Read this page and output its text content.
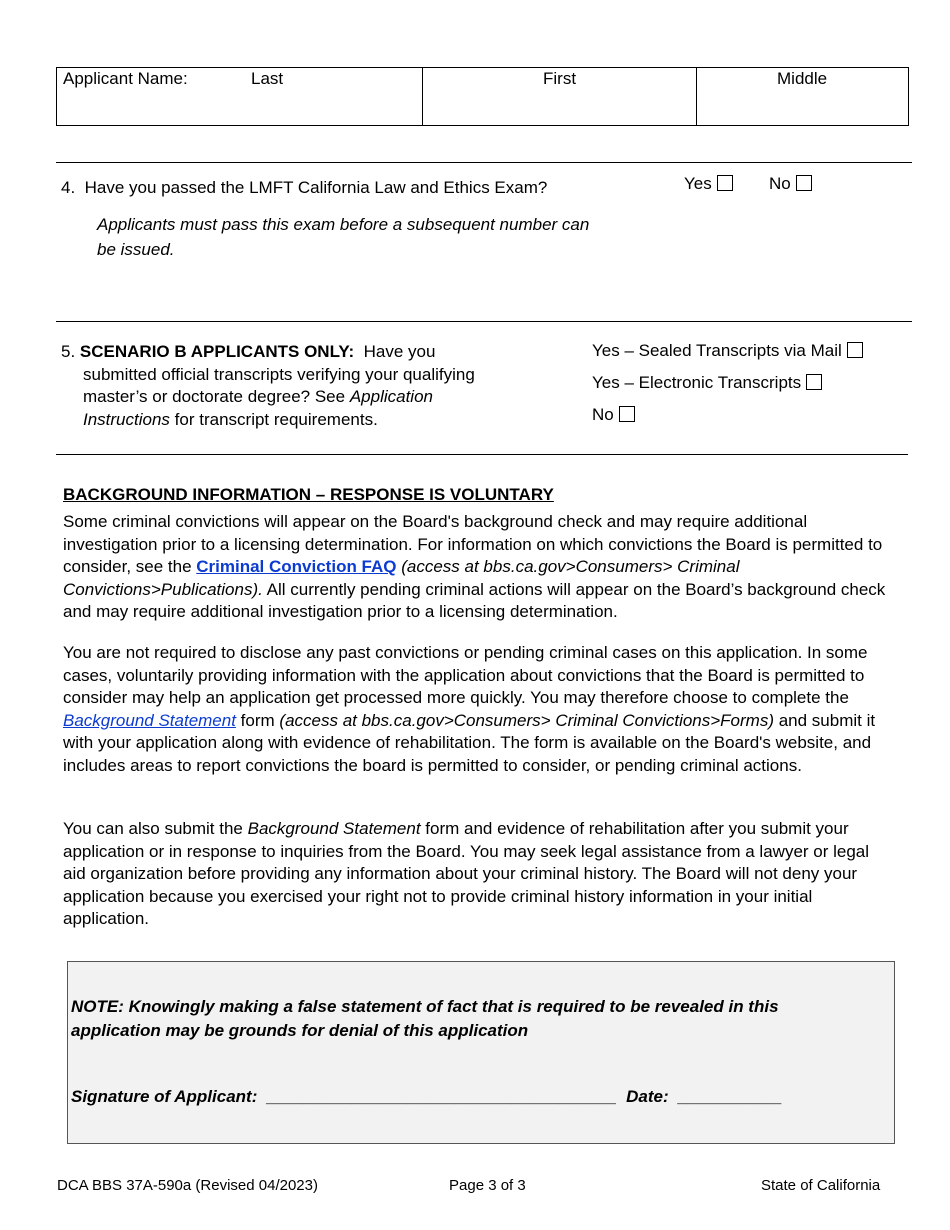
Applicant Name:	Last	First	Middle
4. Have you passed the LMFT California Law and Ethics Exam?
Applicants must pass this exam before a subsequent number can
be issued.
Yes	No
5. SCENARIO B APPLICANTS ONLY: Have you
submitted official transcripts verifying your qualifying
master’s or doctorate degree? See Application
Instructions for transcript requirements.
Yes – Sealed Transcripts via Mail
Yes – Electronic Transcripts
No
BACKGROUND INFORMATION – RESPONSE IS VOLUNTARY
Some criminal convictions will appear on the Board's background check and may require additional investigation prior to a licensing determination. For information on which convictions the Board is permitted to consider, see the Criminal Conviction FAQ (access at bbs.ca.gov>Consumers> Criminal Convictions>Publications). All currently pending criminal actions will appear on the Board’s background check and may require additional investigation prior to a licensing determination.
You are not required to disclose any past convictions or pending criminal cases on this application. In some cases, voluntarily providing information with the application about convictions that the Board is permitted to consider may help an application get processed more quickly. You may therefore choose to complete the Background Statement form (access at bbs.ca.gov>Consumers> Criminal Convictions>Forms) and submit it with your application along with evidence of rehabilitation. The form is available on the Board's website, and includes areas to report convictions the board is permitted to consider, or pending criminal actions.
You can also submit the Background Statement form and evidence of rehabilitation after you submit your application or in response to inquiries from the Board. You may seek legal assistance from a lawyer or legal aid organization before providing any information about your criminal history. The Board will not deny your application because you exercised your right not to provide criminal history information in your initial application.
NOTE: Knowingly making a false statement of fact that is required to be revealed in this
application may be grounds for denial of this application
Signature of Applicant: _____________________________________ Date: ___________
DCA BBS 37A-590a (Revised 04/2023)	Page 3 of 3	State of California
